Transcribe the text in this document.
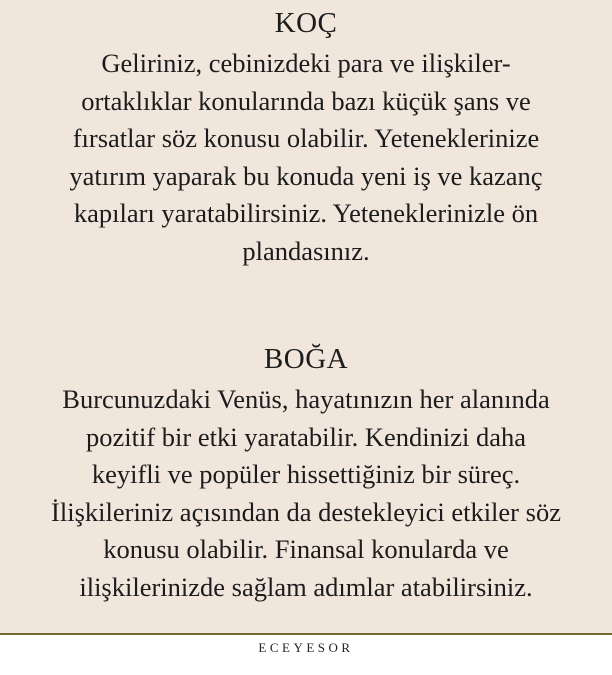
KOÇ
Geliriniz, cebinizdeki para ve ilişkiler-
ortaklıklar konularında bazı küçük şans ve
fırsatlar söz konusu olabilir. Yeteneklerinize
yatırım yaparak bu konuda yeni iş ve kazanç
kapıları yaratabilirsiniz. Yeteneklerinizle ön
plandasınız.
BOĞA
Burcunuzdaki Venüs, hayatınızın her alanında
pozitif bir etki yaratabilir. Kendinizi daha
keyifli ve popüler hissettiğiniz bir süreç.
İlişkileriniz açısından da destekleyici etkiler söz
konusu olabilir. Finansal konularda ve
ilişkilerinizde sağlam adımlar atabilirsiniz.
$_{ECEYESOR}$
